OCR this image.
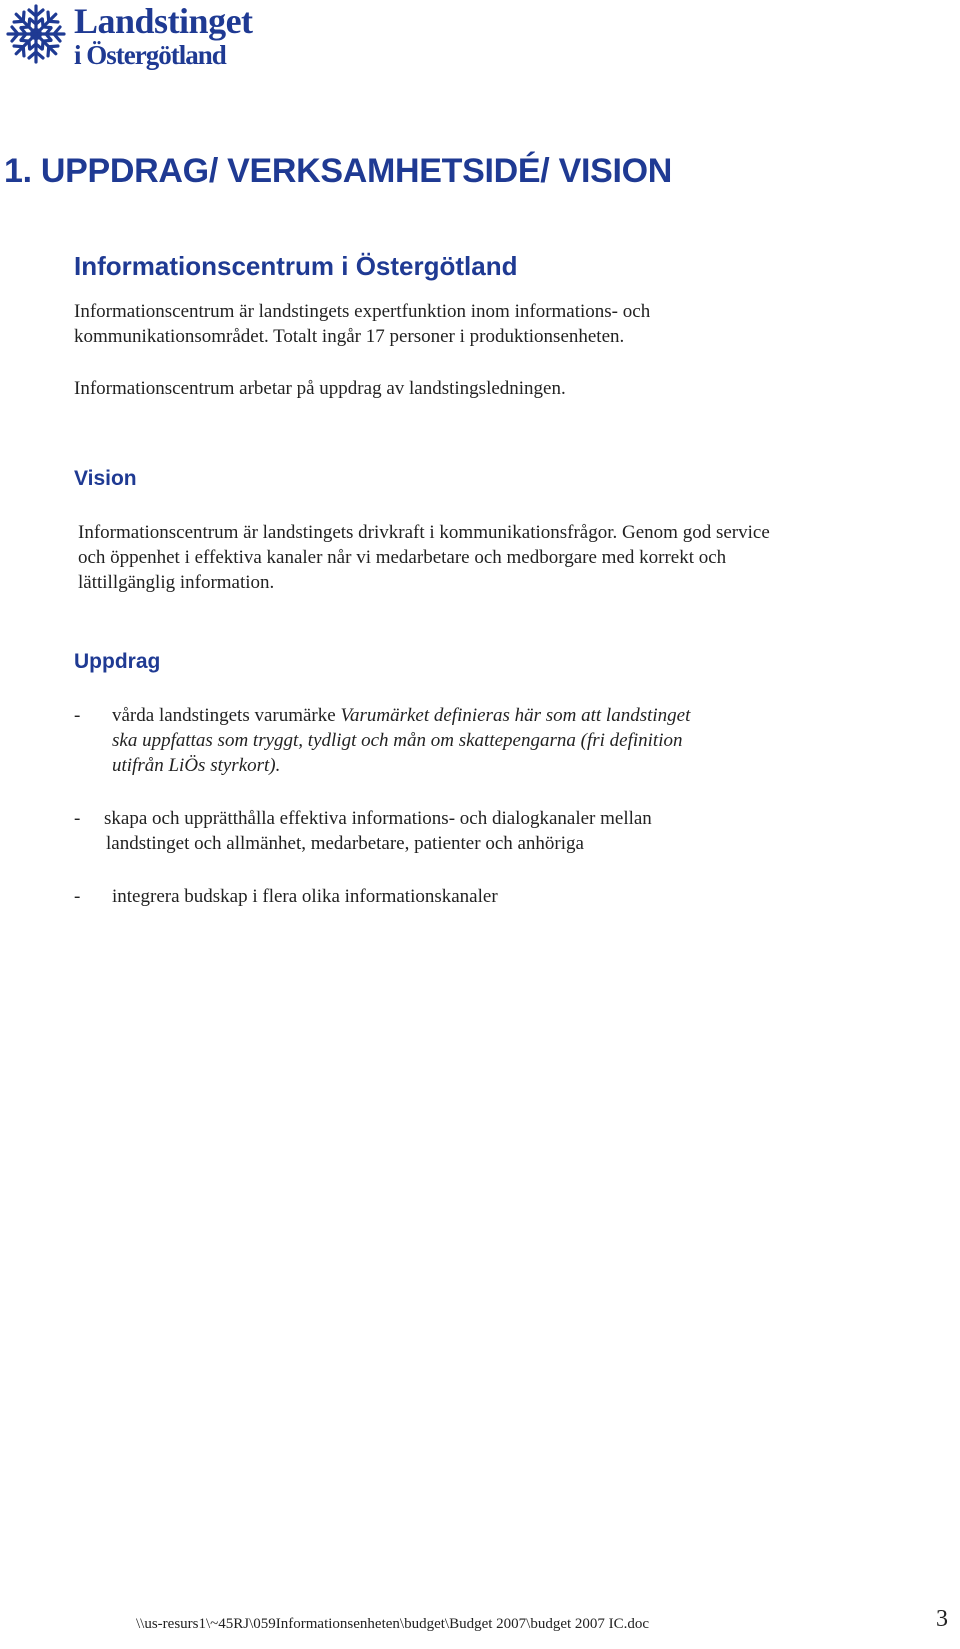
Landstinget
i Östergötland
1. UPPDRAG/ VERKSAMHETSIDÉ/ VISION
Informationscentrum i Östergötland

Informationscentrum är landstingets expertfunktion inom informations- och
kommunikationsområdet. Totalt ingår 17 personer i produktionsenheten.

Informationscentrum arbetar på uppdrag av landstingsledningen.

Vision

Informationscentrum är landstingets drivkraft i kommunikationsfrågor. Genom god service
och öppenhet i effektiva kanaler når vi medarbetare och medborgare med korrekt och
lättillgänglig information.

Uppdrag
- vårda landstingets varumärke Varumärket definieras här som att landstinget
ska uppfattas som tryggt, tydligt och mån om skattepengarna (fri definition
utifrån LiÖs styrkort).
- skapa och upprätthålla effektiva informations- och dialogkanaler mellan
landstinget och allmänhet, medarbetare, patienter och anhöriga
- integrera budskap i flera olika informationskanaler
\\us-resurs1\~45RJ\059Informationsenheten\budget\Budget 2007\budget 2007 IC.doc	3
